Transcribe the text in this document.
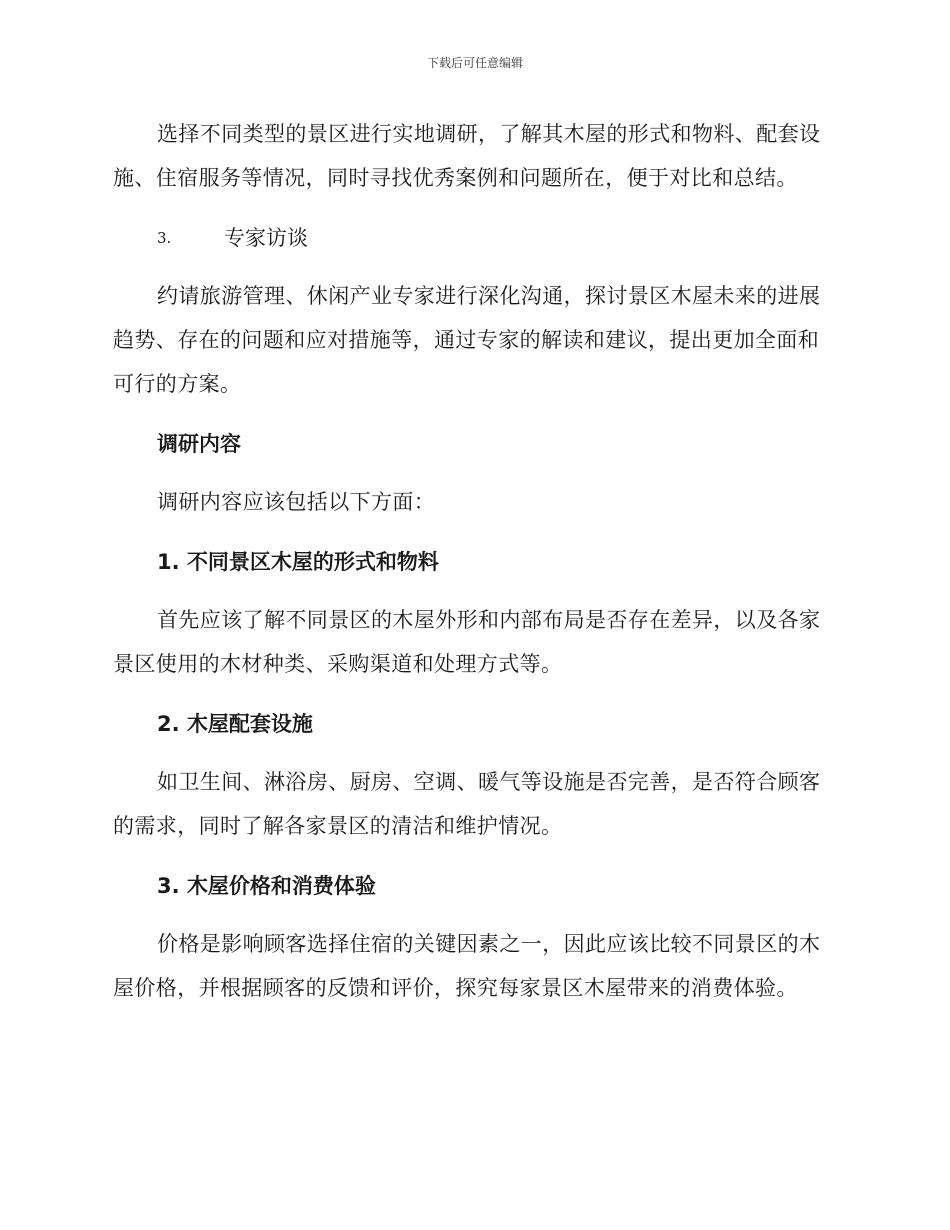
下载后可任意编辑

选择不同类型的景区进行实地调研，了解其木屋的形式和物料、配套设施、住宿服务等情况，同时寻找优秀案例和问题所在，便于对比和总结。

3.	专家访谈

约请旅游管理、休闲产业专家进行深化沟通，探讨景区木屋未来的进展趋势、存在的问题和应对措施等，通过专家的解读和建议，提出更加全面和可行的方案。

调研内容

调研内容应该包括以下方面：

1. 不同景区木屋的形式和物料

首先应该了解不同景区的木屋外形和内部布局是否存在差异，以及各家景区使用的木材种类、采购渠道和处理方式等。

2. 木屋配套设施

如卫生间、淋浴房、厨房、空调、暖气等设施是否完善，是否符合顾客的需求，同时了解各家景区的清洁和维护情况。

3. 木屋价格和消费体验

价格是影响顾客选择住宿的关键因素之一，因此应该比较不同景区的木屋价格，并根据顾客的反馈和评价，探究每家景区木屋带来的消费体验。
